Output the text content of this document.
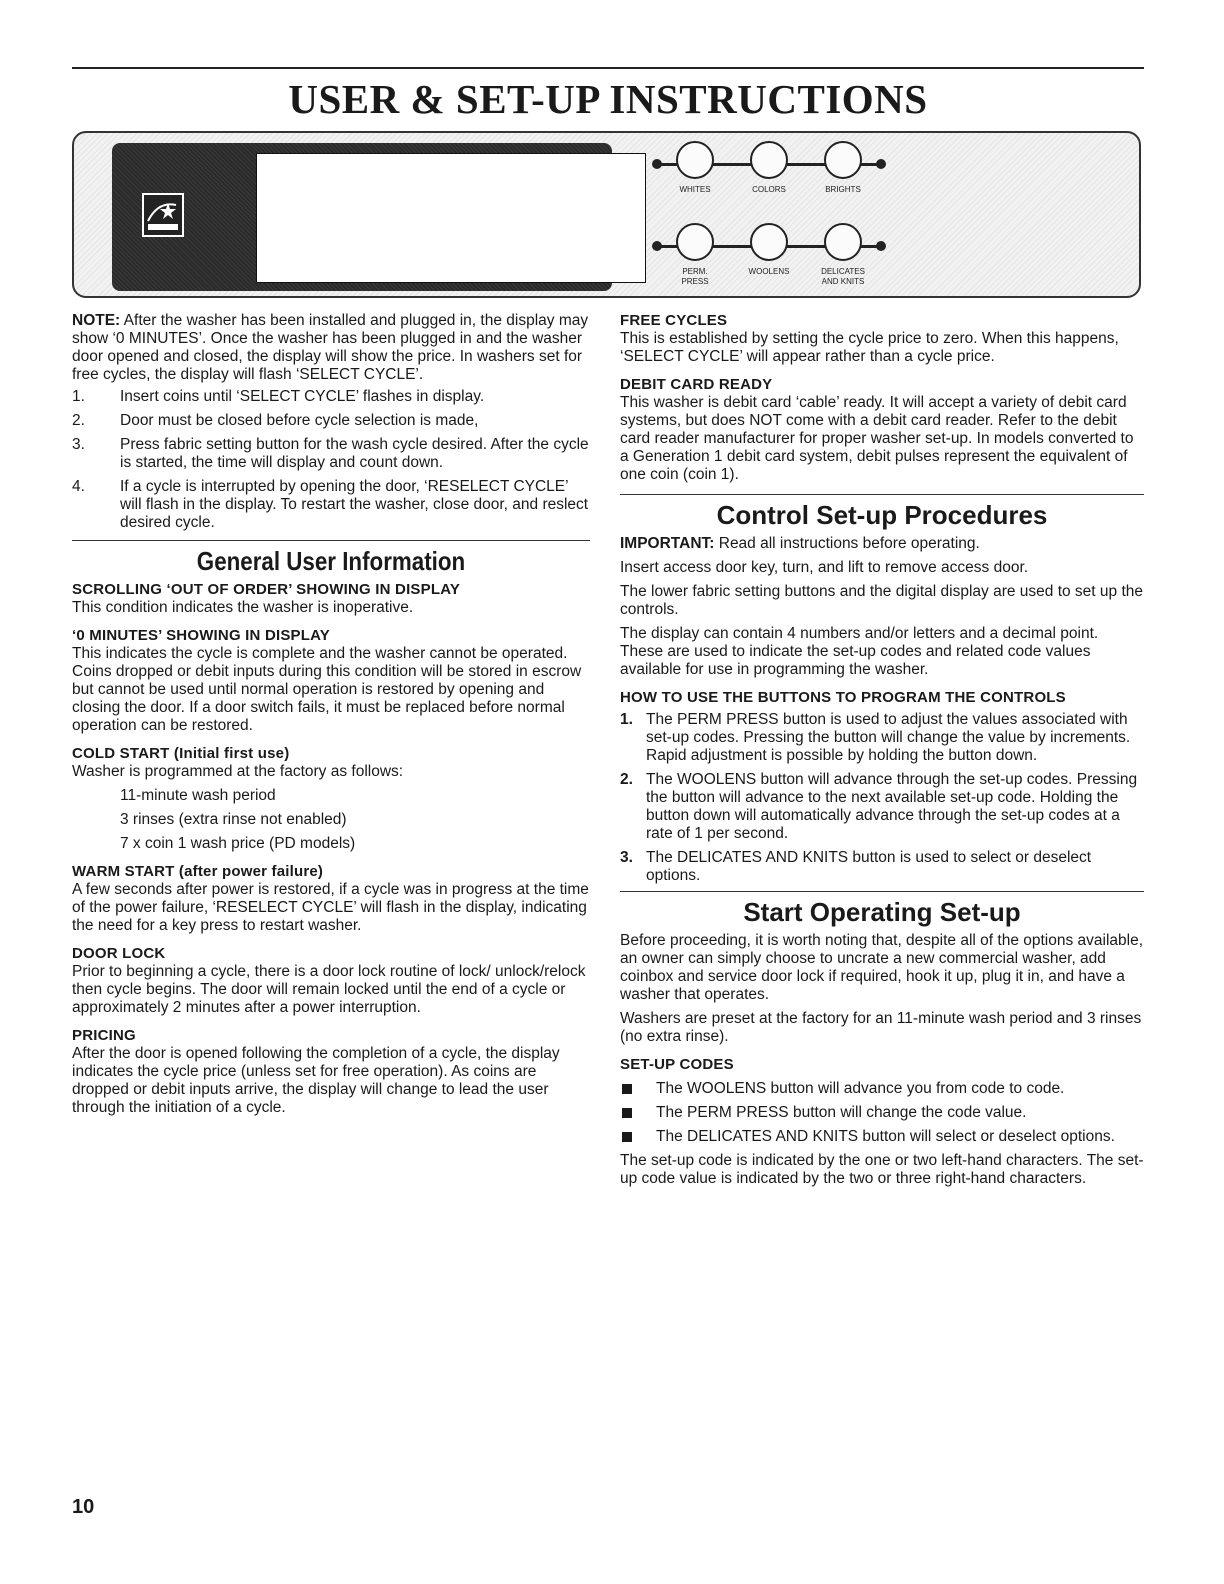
USER & SET-UP INSTRUCTIONS
WHITES	COLORS	BRIGHTS
PERM.
PRESS
WOOLENS	DELICATES
AND KNITS

NOTE: After the washer has been installed and plugged in, the display may show ‘0 MINUTES’. Once the washer has been plugged in and the washer door opened and closed, the display will show the price. In washers set for free cycles, the display will flash ‘SELECT CYCLE’.

1. Insert coins until ‘SELECT CYCLE’ flashes in display.
2. Door must be closed before cycle selection is made,
3. Press fabric setting button for the wash cycle desired. After the cycle is started, the time will display and count down.
4. If a cycle is interrupted by opening the door, ‘RESELECT CYCLE’ will flash in the display. To restart the washer, close door, and reslect desired cycle.
General User Information
SCROLLING ‘OUT OF ORDER’ SHOWING IN DISPLAY

This condition indicates the washer is inoperative.

‘0 MINUTES’ SHOWING IN DISPLAY

This indicates the cycle is complete and the washer cannot be operated. Coins dropped or debit inputs during this condition will be stored in escrow but cannot be used until normal operation is restored by opening and closing the door. If a door switch fails, it must be replaced before normal operation can be restored.

COLD START (Initial first use)

Washer is programmed at the factory as follows:

11-minute wash period
3 rinses (extra rinse not enabled)
7 x coin 1 wash price (PD models)
WARM START (after power failure)

A few seconds after power is restored, if a cycle was in progress at the time of the power failure, ‘RESELECT CYCLE’ will flash in the display, indicating the need for a key press to restart washer.

DOOR LOCK

Prior to beginning a cycle, there is a door lock routine of lock/ unlock/relock then cycle begins. The door will remain locked until the end of a cycle or approximately 2 minutes after a power interruption.

PRICING

After the door is opened following the completion of a cycle, the display indicates the cycle price (unless set for free operation). As coins are dropped or debit inputs arrive, the display will change to lead the user through the initiation of a cycle.

FREE CYCLES

This is established by setting the cycle price to zero. When this happens, ‘SELECT CYCLE’ will appear rather than a cycle price.

DEBIT CARD READY

This washer is debit card ‘cable’ ready. It will accept a variety of debit card systems, but does NOT come with a debit card reader. Refer to the debit card reader manufacturer for proper washer set-up. In models converted to a Generation 1 debit card system, debit pulses represent the equivalent of one coin (coin 1).

Control Set-up Procedures

IMPORTANT: Read all instructions before operating.

Insert access door key, turn, and lift to remove access door.

The lower fabric setting buttons and the digital display are used to set up the controls.

The display can contain 4 numbers and/or letters and a decimal point. These are used to indicate the set-up codes and related code values available for use in programming the washer.

HOW TO USE THE BUTTONS TO PROGRAM THE CONTROLS
1. The PERM PRESS button is used to adjust the values associated with set-up codes. Pressing the button will change the value by increments. Rapid adjustment is possible by holding the button down.
2. The WOOLENS button will advance through the set-up codes. Pressing the button will advance to the next available set-up code. Holding the button down will automatically advance through the set-up codes at a rate of 1 per second.
3. The DELICATES AND KNITS button is used to select or deselect options.
Start Operating Set-up

Before proceeding, it is worth noting that, despite all of the options available, an owner can simply choose to uncrate a new commercial washer, add coinbox and service door lock if required, hook it up, plug it in, and have a washer that operates.

Washers are preset at the factory for an 11-minute wash period and 3 rinses (no extra rinse).

SET-UP CODES
The WOOLENS button will advance you from code to code.
The PERM PRESS button will change the code value.
The DELICATES AND KNITS button will select or deselect options.

The set-up code is indicated by the one or two left-hand characters. The set-up code value is indicated by the two or three right-hand characters.

10
